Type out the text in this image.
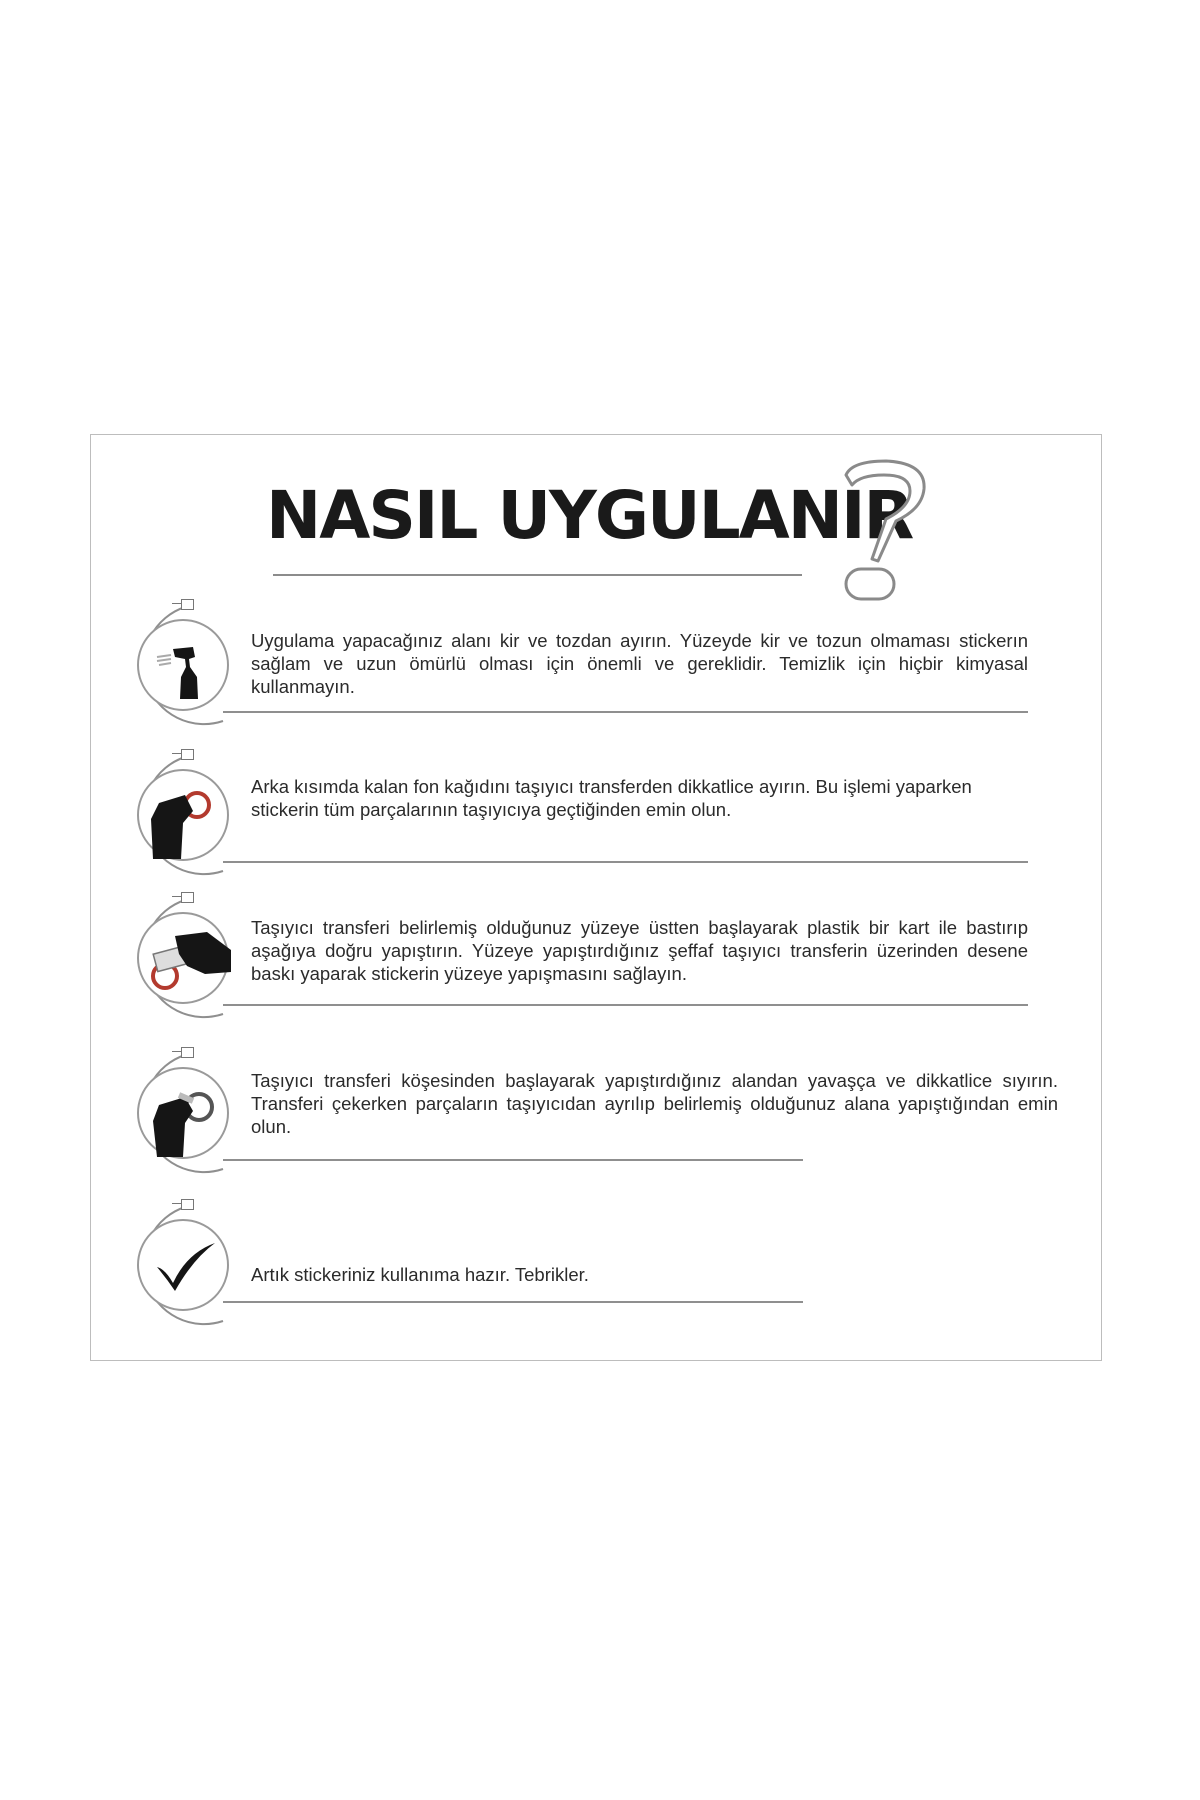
NASIL UYGULANIR
Uygulama yapacağınız alanı kir ve tozdan ayırın. Yüzeyde kir ve tozun olmaması stickerın sağlam ve uzun ömürlü olması için önemli ve gereklidir. Temizlik için hiçbir kimyasal kullanmayın.
Arka kısımda kalan fon kağıdını taşıyıcı transferden dikkatlice ayırın. Bu işlemi yaparken stickerin tüm parçalarının taşıyıcıya geçtiğinden emin olun.
Taşıyıcı transferi belirlemiş olduğunuz yüzeye üstten başlayarak plastik bir kart ile bastırıp aşağıya doğru yapıştırın. Yüzeye yapıştırdığınız şeffaf taşıyıcı transferin üzerinden desene baskı yaparak stickerin yüzeye yapışmasını sağlayın.
Taşıyıcı transferi köşesinden başlayarak yapıştırdığınız alandan yavaşça ve dikkatlice sıyırın. Transferi çekerken parçaların taşıyıcıdan ayrılıp belirlemiş olduğunuz alana yapıştığından emin olun.
Artık stickeriniz kullanıma hazır. Tebrikler.
